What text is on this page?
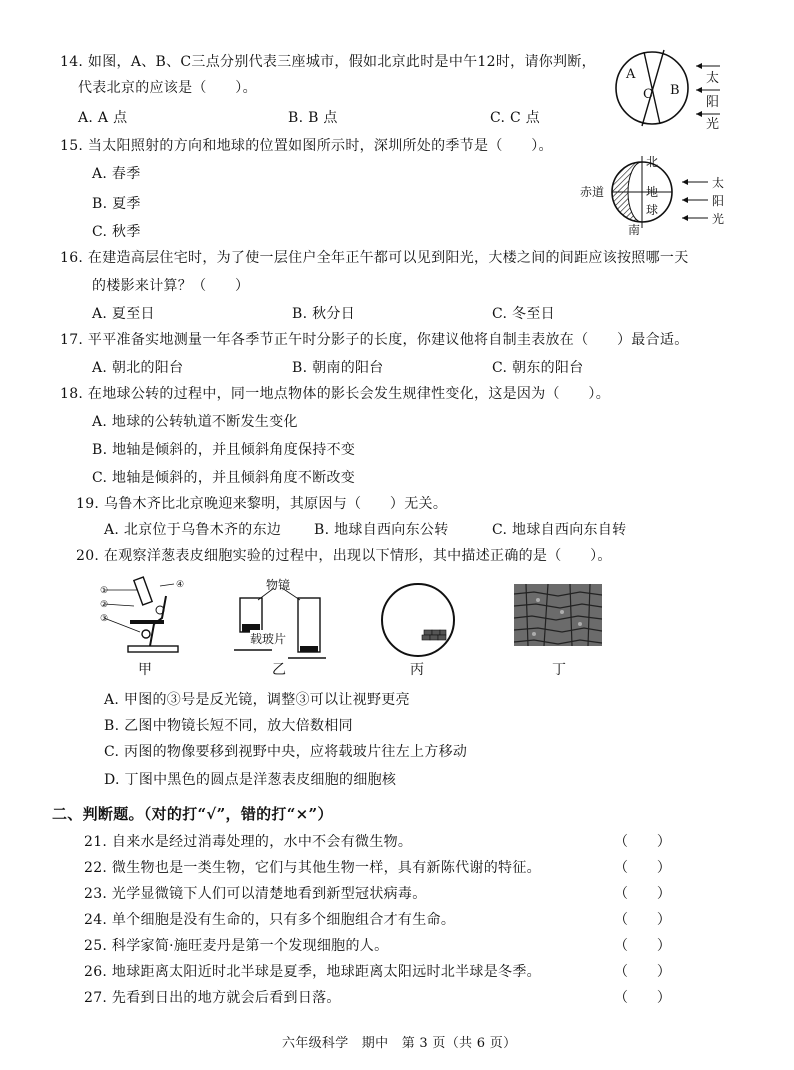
14. 如图，A、B、C三点分别代表三座城市，假如北京此时是中午12时，请你判断，
代表北京的应该是（　　）。
A. A 点	B. B 点	C. C 点
A
C B
太
阳
光
15. 当太阳照射的方向和地球的位置如图所示时，深圳所处的季节是（　　）。
A. 春季
B. 夏季
C. 秋季
北
南
赤道	地
球
太
阳
光
16. 在建造高层住宅时，为了使一层住户全年正午都可以见到阳光，大楼之间的间距应该按照哪一天
的楼影来计算？（　　）
A. 夏至日	B. 秋分日	C. 冬至日
17. 平平准备实地测量一年各季节正午时分影子的长度，你建议他将自制圭表放在（　　）最合适。
A. 朝北的阳台	B. 朝南的阳台	C. 朝东的阳台
18. 在地球公转的过程中，同一地点物体的影长会发生规律性变化，这是因为（　　）。
A. 地球的公转轨道不断发生变化
B. 地轴是倾斜的，并且倾斜角度保持不变
C. 地轴是倾斜的，并且倾斜角度不断改变
19. 乌鲁木齐比北京晚迎来黎明，其原因与（　　）无关。
A. 北京位于乌鲁木齐的东边 B. 地球自西向东公转	C. 地球自西向东自转
20. 在观察洋葱表皮细胞实验的过程中，出现以下情形，其中描述正确的是（　　）。
①
②
③
④
甲
物镜
载玻片
乙	丙	丁
A. 甲图的③号是反光镜，调整③可以让视野更亮
B. 乙图中物镜长短不同，放大倍数相同
C. 丙图的物像要移到视野中央，应将载玻片往左上方移动
D. 丁图中黑色的圆点是洋葱表皮细胞的细胞核
二、判断题。（对的打“√”，错的打“×”）
21. 自来水是经过消毒处理的，水中不会有微生物。	（　　）
22. 微生物也是一类生物，它们与其他生物一样，具有新陈代谢的特征。	（　　）
23. 光学显微镜下人们可以清楚地看到新型冠状病毒。	（　　）
24. 单个细胞是没有生命的，只有多个细胞组合才有生命。	（　　）
25. 科学家简·施旺麦丹是第一个发现细胞的人。	（　　）
26. 地球距离太阳近时北半球是夏季，地球距离太阳远时北半球是冬季。	（　　）
27. 先看到日出的地方就会后看到日落。	（　　）
六年级科学　期中　第 3 页（共 6 页）
